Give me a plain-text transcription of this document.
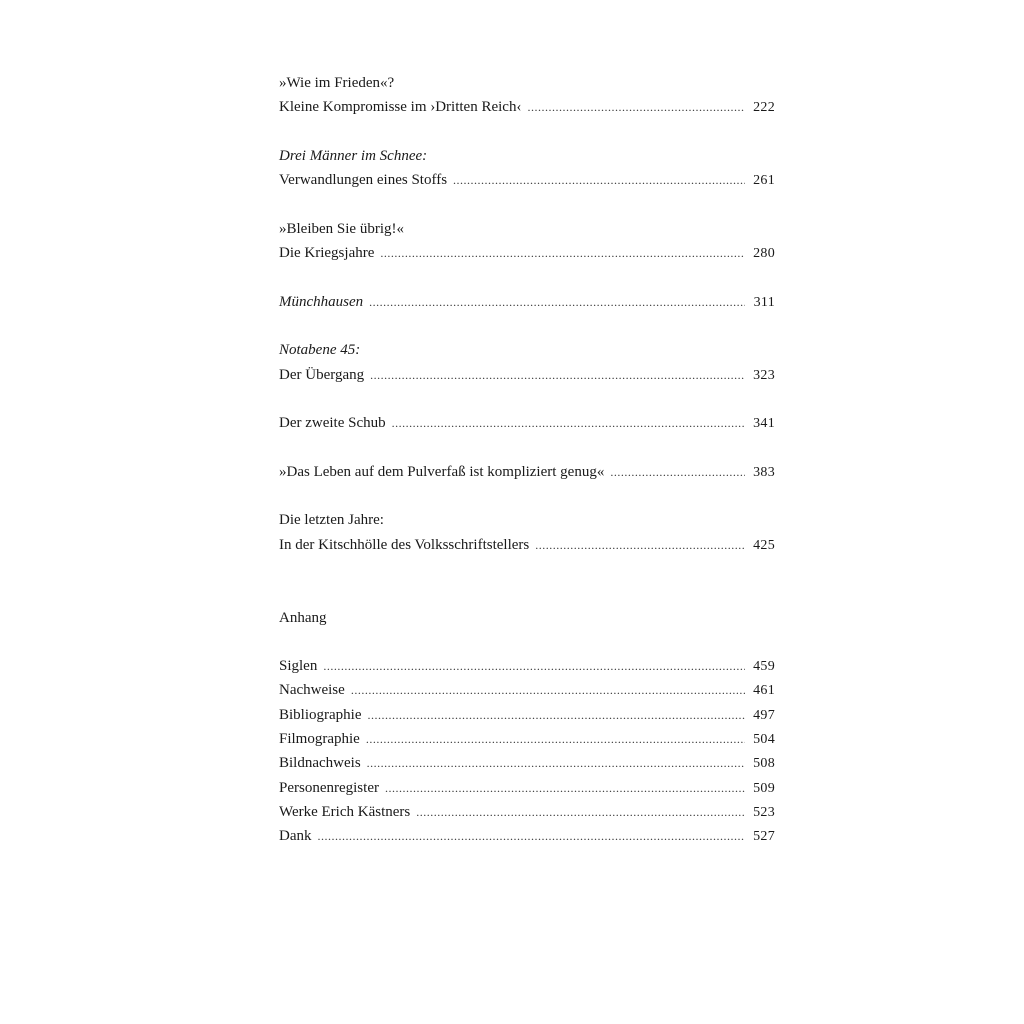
»Wie im Frieden«?
Kleine Kompromisse im ›Dritten Reich‹ .....	222
Drei Männer im Schnee:
Verwandlungen eines Stoffs .....	261
»Bleiben Sie übrig!«
Die Kriegsjahre .....	280
Münchhausen .....	311
Notabene 45:
Der Übergang .....	323
Der zweite Schub .....	341
»Das Leben auf dem Pulverfaß ist kompliziert genug« .....	383
Die letzten Jahre:
In der Kitschhölle des Volksschriftstellers .....	425
Anhang
Siglen .....	459
Nachweise .....	461
Bibliographie .....	497
Filmographie .....	504
Bildnachweis .....	508
Personenregister .....	509
Werke Erich Kästners .....	523
Dank .....	527
